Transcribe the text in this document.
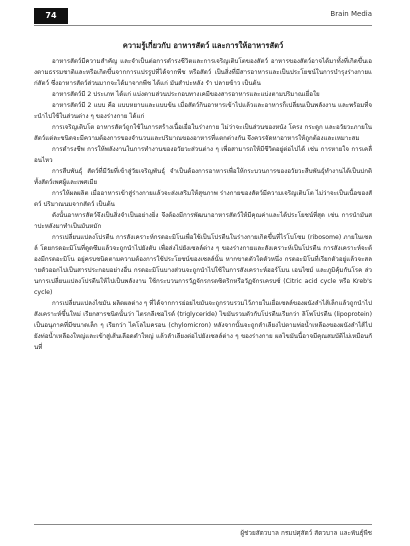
74	Brain Media

ความรู้เกี่ยวกับ อาหารสัตว์ และการให้อาหารสัตว์

อาหารสัตว์มีความสำคัญ และจำเป็นต่อการดำรงชีวิตและการเจริญเติบโตของสัตว์ อาหารของสัตว์อาจได้มาทั้งที่เกิดขึ้นเองตามธรรมชาติและหรือเกิดขึ้นจากการแปรรูปที่ได้จากพืช หรือสัตว์ เป็นสิ่งที่มีสารอาหารและเป็นประโยชน์ในการบำรุงร่างกายแก่สัตว์ ซึ่งอาหารสัตว์ส่วนมากจะได้มาจากพืช ได้แก่ มันสำปะหลัง รำ ปลายข้าว เป็นต้น

อาหารสัตว์มี 2 ประเภท ได้แก่ แบ่งตามส่วนประกอบทางเคมีของสารอาหารและแบ่งตามปริมาณเยื่อใย

อาหารสัตว์มี 2 แบบ คือ แบบหยาบและแบบข้น เมื่อสัตว์กินอาหารเข้าไปแล้วและอาหารก็เปลี่ยนเป็นพลังงาน และพร้อมที่จะนำไปใช้ในส่วนต่าง ๆ ของร่างกาย ได้แก่

การเจริญเติบโต อาหารสัตว์ถูกใช้ในการสร้างเนื้อเยื่อในร่างกาย ไม่ว่าจะเป็นส่วนของหนัง โครง กระดูก และอวัยวะภายใน สัตว์แต่ละชนิดจะมีความต้องการของจำนวนและปริมาณของอาหารที่แตกต่างกัน จึงควรจัดหาอาหารให้ถูกต้องและเหมาะสม

การดำรงชีพ การให้พลังงานในการทำงานของอวัยวะส่วนต่าง ๆ เพื่อสามารถให้มีชีวิตอยู่ต่อไปได้ เช่น การหายใจ การเคลื่อนไหว

การสืบพันธุ์ สัตว์ที่มีวัยที่เข้าสู่วัยเจริญพันธุ์ จำเป็นต้องการอาหารเพื่อให้กระบวนการของอวัยวะสืบพันธุ์ทำงานได้เป็นปกติ ทั้งสัตว์เพศผู้และเพศเมีย

การให้ผลผลิต เมื่ออาหารเข้าสู่ร่างกายแล้วจะส่งเสริมให้สุขภาพ ร่างกายของสัตว์มีความเจริญเติบโต ไม่ว่าจะเป็นเนื้อของสัตว์ ปริมาณนมจากสัตว์ เป็นต้น

ดังนั้นอาหารสัตว์จึงเป็นสิ่งจำเป็นอย่างยิ่ง จึงต้องมีการพัฒนาอาหารสัตว์ให้มีคุณค่าและได้ประโยชน์ที่สุด เช่น การนำมันสำปะหลังมาทำเป็นมันหมัก

การเปลี่ยนแปลงโปรตีน การสังเคราะห์กรดอะมิโนเพื่อใช้เป็นโปรตีนในร่างกายเกิดขึ้นที่ไรโบโซม (ribosome) ภายในเซลล์ โดยกรดอะมิโนที่ดูดซึมแล้วจะถูกนำไปยังตับ เพื่อส่งไปยังเซลล์ต่าง ๆ ของร่างกายและสังเคราะห์เป็นโปรตีน การสังเคราะห์จะต้องมีกรดอะมิโน อยู่ครบชนิดตามความต้องการใช้ประโยชน์ของเซลล์นั้น หากขาดตัวใดตัวหนึ่ง กรดอะมิโนที่เรียกตัวอยู่แล้วจะสลายตัวออกไปเป็นสารประกอบอย่างอื่น กรดอะมิโนบางส่วนจะถูกนำไปใช้ในการสังเคราะห์ฮอร์โมน เอนไซม์ และภูมิคุ้มกันโรค ส่วนการเปลี่ยนแปลงโปรตีนให้ไปเป็นพลังงาน ใช้กระบวนการวัฏจักรกรดซิตริกหรือวัฏจักรเครบซ์ (Citric acid cycle หรือ Kreb's cycle)

การเปลี่ยนแปลงไขมัน ผลิตผลต่าง ๆ ที่ได้จากการย่อยไขมันจะถูกรวบรวมไว้ภายในเยื่อเซลล์ของผนังลำไส้เล็กแล้วถูกนำไปสังเคราะห์ขึ้นใหม่ เรียกสารชนิดนั้นว่า ไตรกลีเซอไรด์ (triglyceride) ไขมันรวมตัวกับโปรตีนเรียกว่า ลิโพโปรตีน (lipoprotein) เป็นอนุภาคที่มีขนาดเล็ก ๆ เรียกว่า ไคโลไมครอน (chylomicron) หลังจากนั้นจะถูกลำเลียงไปตามท่อน้ำเหลืองของผนังลำไส้ไปยังท่อน้ำเหลืองใหญ่และเข้าสู่เส้นเลือดดำใหญ่ แล้วลำเลียงต่อไปยังเซลล์ต่าง ๆ ของร่างกาย ผลไขมันนี้อาจมีคุณสมบัติไม่เหมือนกันที่

ผู้ช่วยสัตวบาล กรมปศุสัตว์ สัตวบาล และพันธุ์พืช
